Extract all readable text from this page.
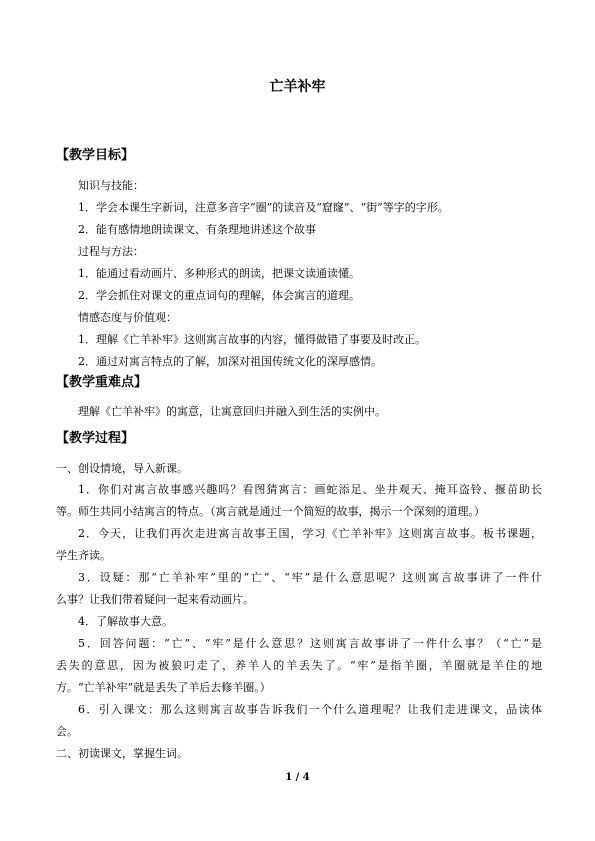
亡羊补牢
【教学目标】
知识与技能：
1．学会本课生字新词，注意多音字“圈”的读音及“窟窿”、“街”等字的字形。
2．能有感情地朗读课文、有条理地讲述这个故事
过程与方法：
1．能通过看动画片、多种形式的朗读，把课文读通读懂。
2．学会抓住对课文的重点词句的理解，体会寓言的道理。
情感态度与价值观：
1．理解《亡羊补牢》这则寓言故事的内容，懂得做错了事要及时改正。
2．通过对寓言特点的了解，加深对祖国传统文化的深厚感情。
【教学重难点】
理解《亡羊补牢》的寓意，让寓意回归并融入到生活的实例中。
【教学过程】
一、创设情境，导入新课。
1．你们对寓言故事感兴趣吗？看图猜寓言：画蛇添足、坐井观天、掩耳盗铃、揠苗助长
等。师生共同小结寓言的特点。（寓言就是通过一个简短的故事，揭示一个深刻的道理。）
2．今天，让我们再次走进寓言故事王国，学习《亡羊补牢》这则寓言故事。板书课题，
学生齐读。
3．设疑：那“亡羊补牢”里的“亡”、“牢”是什么意思呢？这则寓言故事讲了一件什
么事？让我们带着疑问一起来看动画片。
4．了解故事大意。
5．回答问题：“亡”、“牢”是什么意思？这则寓言故事讲了一件什么事？（“亡”是
丢失的意思，因为被狼叼走了，养羊人的羊丢失了。“牢”是指羊圈，羊圈就是羊住的地
方。“亡羊补牢”就是丢失了羊后去修羊圈。）
6．引入课文：那么这则寓言故事告诉我们一个什么道理呢？让我们走进课文，品读体
会。
二、初读课文，掌握生词。
1 / 4
